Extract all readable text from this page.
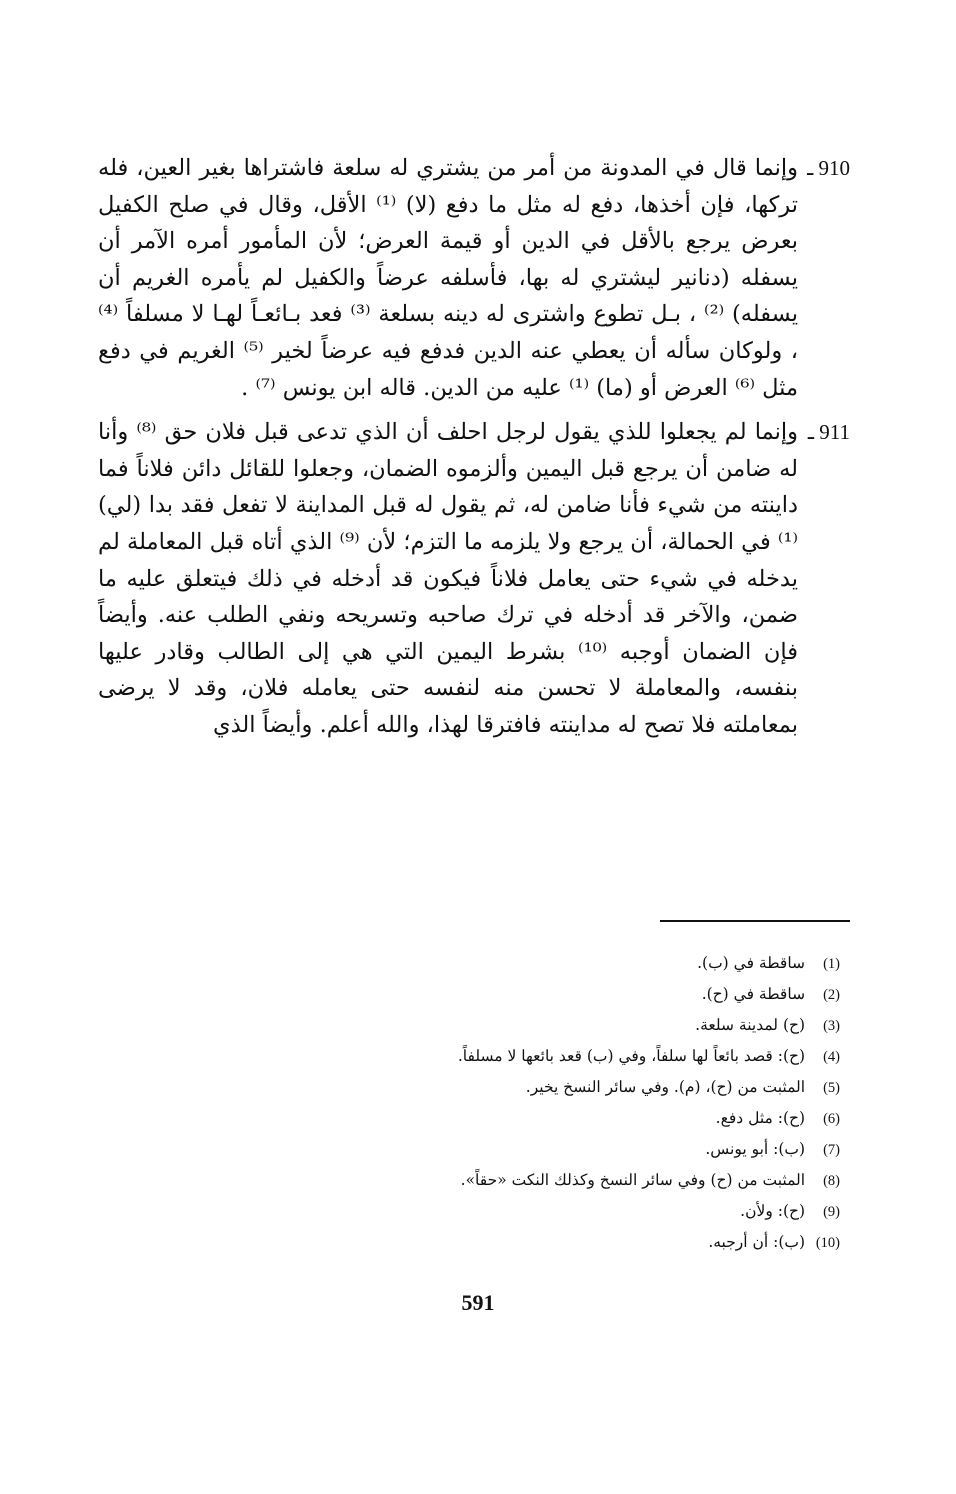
910 ـ
وإنما قال في المدونة من أمر من يشتري له سلعة فاشتراها بغير العين، فله تركها، فإن أخذها، دفع له مثل ما دفع (لا) ⁽¹⁾ الأقل، وقال في صلح الكفيل بعرض يرجع بالأقل في الدين أو قيمة العرض؛ لأن المأمور أمره الآمر أن يسفله (دنانير ليشتري له بها، فأسلفه عرضاً والكفيل لم يأمره الغريم أن يسفله) ⁽²⁾ ، بـل تطوع واشترى له دينه بسلعة ⁽³⁾ فعد بـائعـاً لهـا لا مسلفاً ⁽⁴⁾ ، ولوكان سأله أن يعطي عنه الدين فدفع فيه عرضاً لخير ⁽⁵⁾ الغريم في دفع مثل ⁽⁶⁾ العرض أو (ما) ⁽¹⁾ عليه من الدين. قاله ابن يونس ⁽⁷⁾ .

911 ـ
وإنما لم يجعلوا للذي يقول لرجل احلف أن الذي تدعى قبل فلان حق ⁽⁸⁾ وأنا له ضامن أن يرجع قبل اليمين وألزموه الضمان، وجعلوا للقائل دائن فلاناً فما داينته من شيء فأنا ضامن له، ثم يقول له قبل المداينة لا تفعل فقد بدا (لي) ⁽¹⁾ في الحمالة، أن يرجع ولا يلزمه ما التزم؛ لأن ⁽⁹⁾ الذي أتاه قبل المعاملة لم يدخله في شيء حتى يعامل فلاناً فيكون قد أدخله في ذلك فيتعلق عليه ما ضمن، والآخر قد أدخله في ترك صاحبه وتسريحه ونفي الطلب عنه. وأيضاً فإن الضمان أوجبه ⁽¹⁰⁾ بشرط اليمين التي هي إلى الطالب وقادر عليها بنفسه، والمعاملة لا تحسن منه لنفسه حتى يعامله فلان، وقد لا يرضى بمعاملته فلا تصح له مداينته فافترقا لهذا، والله أعلم. وأيضاً الذي

(1) ساقطة في (ب).
(2) ساقطة في (ح).
(3) (ح) لمدينة سلعة.
(4) (ح): قصد بائعاً لها سلفاً، وفي (ب) قعد بائعها لا مسلفاً.
(5) المثبت من (ح)، (م). وفي سائر النسخ يخير.
(6) (ح): مثل دفع.
(7) (ب): أبو يونس.
(8) المثبت من (ح) وفي سائر النسخ وكذلك النكت «حقاً».
(9) (ح): ولأن.
(10) (ب): أن أرجبه.
591
